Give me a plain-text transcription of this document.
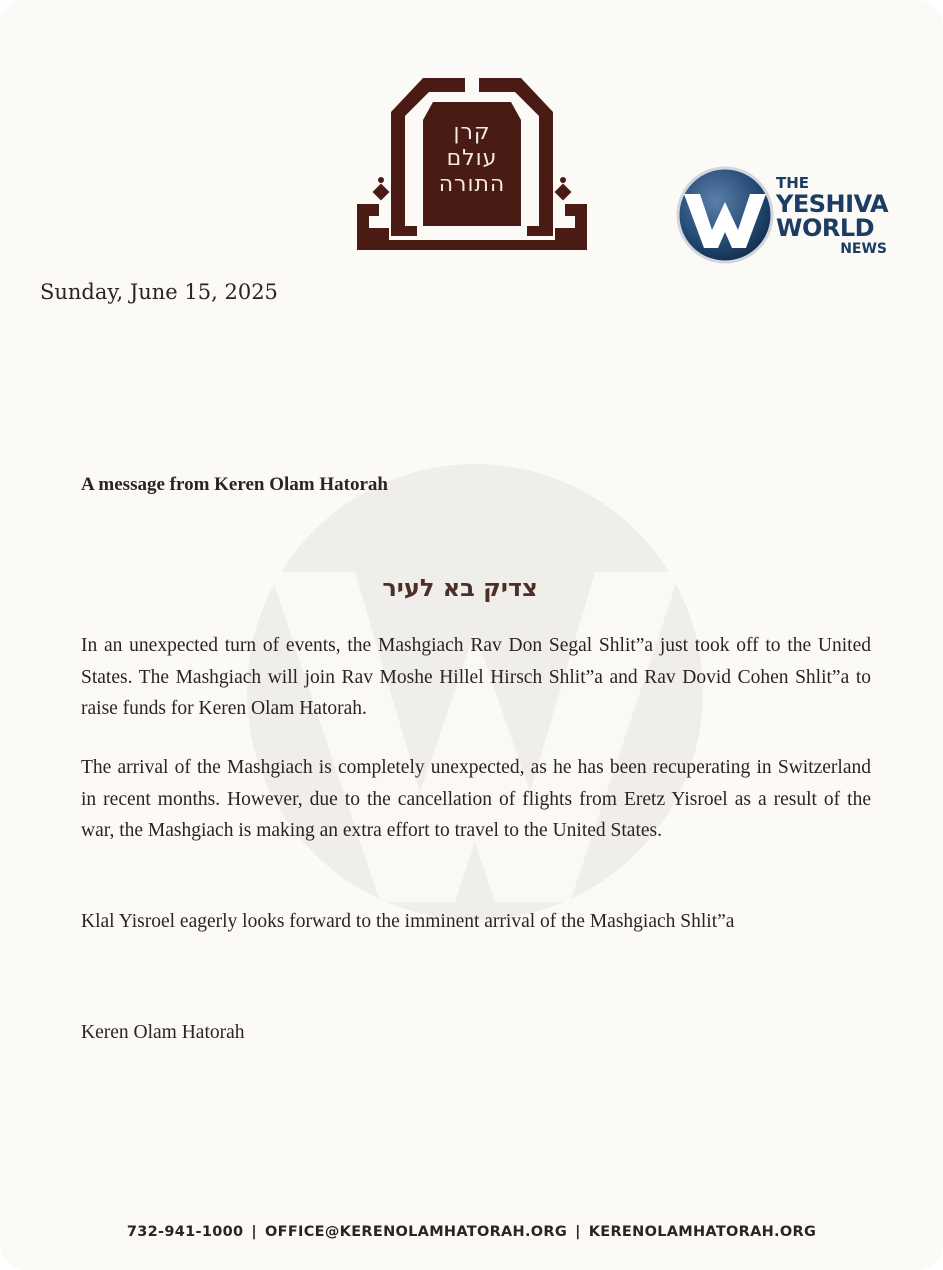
קרן
עולם
התורה	THE
YESHIVA
WORLD
NEWS
Sunday, June 15, 2025
A message from Keren Olam Hatorah
צדיק בא לעיר
In an unexpected turn of events, the Mashgiach Rav Don Segal Shlit”a just took off to the United States. The Mashgiach will join Rav Moshe Hillel Hirsch Shlit”a and Rav Dovid Cohen Shlit”a to raise funds for Keren Olam Hatorah.
The arrival of the Mashgiach is completely unexpected, as he has been recuperating in Switzerland in recent months. However, due to the cancellation of flights from Eretz Yisroel as a result of the war, the Mashgiach is making an extra effort to travel to the United States.
Klal Yisroel eagerly looks forward to the imminent arrival of the Mashgiach Shlit”a
Keren Olam Hatorah
732-941-1000 | OFFICE@KERENOLAMHATORAH.ORG | KERENOLAMHATORAH.ORG
